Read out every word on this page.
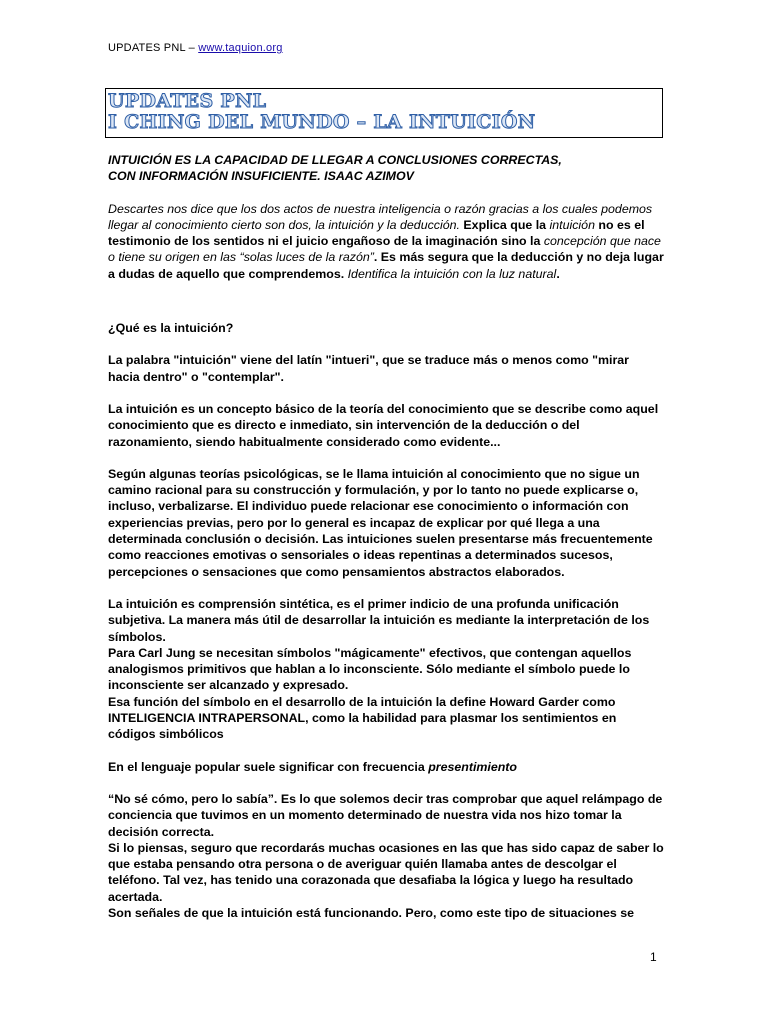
UPDATES PNL – www.taquion.org
UPDATES PNL
I CHING DEL MUNDO – LA INTUICIÓN

INTUICIÓN ES LA CAPACIDAD DE LLEGAR A CONCLUSIONES CORRECTAS,
CON INFORMACIÓN INSUFICIENTE. ISAAC AZIMOV

Descartes nos dice que los dos actos de nuestra inteligencia o razón gracias a los cuales podemos llegar al conocimiento cierto son dos, la intuición y la deducción. Explica que la intuición no es el testimonio de los sentidos ni el juicio engañoso de la imaginación sino la concepción que nace o tiene su origen en las “solas luces de la razón”. Es más segura que la deducción y no deja lugar a dudas de aquello que comprendemos. Identifica la intuición con la luz natural.

¿Qué es la intuición?

La palabra "intuición" viene del latín "intueri", que se traduce más o menos como "mirar hacia dentro" o "contemplar".

La intuición es un concepto básico de la teoría del conocimiento que se describe como aquel conocimiento que es directo e inmediato, sin intervención de la deducción o del razonamiento, siendo habitualmente considerado como evidente...

Según algunas teorías psicológicas, se le llama intuición al conocimiento que no sigue un camino racional para su construcción y formulación, y por lo tanto no puede explicarse o, incluso, verbalizarse. El individuo puede relacionar ese conocimiento o información con experiencias previas, pero por lo general es incapaz de explicar por qué llega a una determinada conclusión o decisión. Las intuiciones suelen presentarse más frecuentemente como reacciones emotivas o sensoriales o ideas repentinas a determinados sucesos, percepciones o sensaciones que como pensamientos abstractos elaborados.

La intuición es comprensión sintética, es el primer indicio de una profunda unificación subjetiva. La manera más útil de desarrollar la intuición es mediante la interpretación de los símbolos.

Para Carl Jung se necesitan símbolos "mágicamente" efectivos, que contengan aquellos analogismos primitivos que hablan a lo inconsciente. Sólo mediante el símbolo puede lo inconsciente ser alcanzado y expresado.

Esa función del símbolo en el desarrollo de la intuición la define Howard Garder como INTELIGENCIA INTRAPERSONAL, como la habilidad para plasmar los sentimientos en códigos simbólicos

En el lenguaje popular suele significar con frecuencia presentimiento

“No sé cómo, pero lo sabía”. Es lo que solemos decir tras comprobar que aquel relámpago de conciencia que tuvimos en un momento determinado de nuestra vida nos hizo tomar la decisión correcta.

Si lo piensas, seguro que recordarás muchas ocasiones en las que has sido capaz de saber lo que estaba pensando otra persona o de averiguar quién llamaba antes de descolgar el teléfono. Tal vez, has tenido una corazonada que desafiaba la lógica y luego ha resultado acertada.

Son señales de que la intuición está funcionando. Pero, como este tipo de situaciones se

1
